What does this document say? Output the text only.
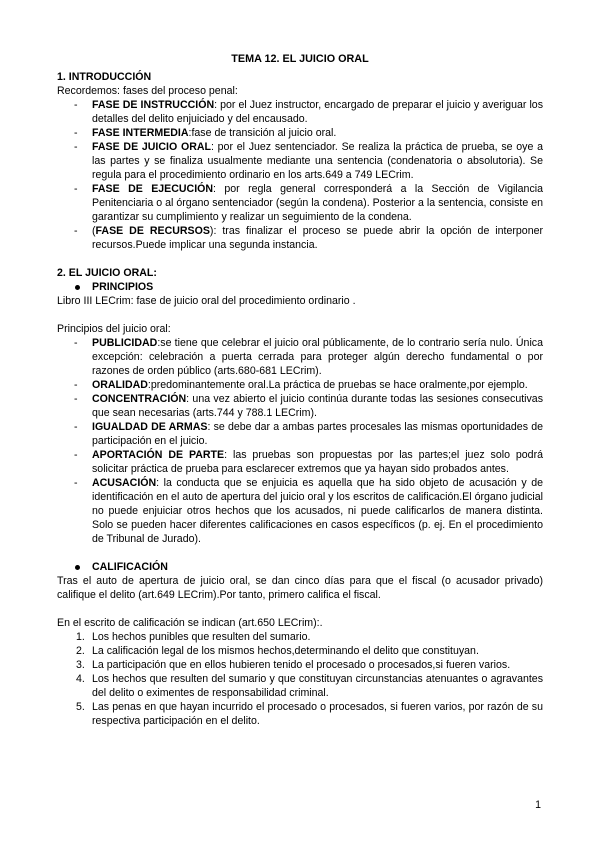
TEMA 12. EL JUICIO ORAL
1. INTRODUCCIÓN

Recordemos: fases del proceso penal:

- FASE DE INSTRUCCIÓN: por el Juez instructor, encargado de preparar el juicio y averiguar los detalles del delito enjuiciado y del encausado.
- FASE INTERMEDIA:fase de transición al juicio oral.
- FASE DE JUICIO ORAL: por el Juez sentenciador. Se realiza la práctica de prueba, se oye a las partes y se finaliza usualmente mediante una sentencia (condenatoria o absolutoria). Se regula para el procedimiento ordinario en los arts.649 a 749 LECrim.
- FASE DE EJECUCIÓN: por regla general corresponderá a la Sección de Vigilancia Penitenciaria o al órgano sentenciador (según la condena). Posterior a la sentencia, consiste en garantizar su cumplimiento y realizar un seguimiento de la condena.
- (FASE DE RECURSOS): tras finalizar el proceso se puede abrir la opción de interponer recursos.Puede implicar una segunda instancia.
2. EL JUICIO ORAL:
PRINCIPIOS

Libro III LECrim: fase de juicio oral del procedimiento ordinario .

Principios del juicio oral:

- PUBLICIDAD:se tiene que celebrar el juicio oral públicamente, de lo contrario sería nulo. Única excepción: celebración a puerta cerrada para proteger algún derecho fundamental o por razones de orden público (arts.680-681 LECrim).
- ORALIDAD:predominantemente oral.La práctica de pruebas se hace oralmente,por ejemplo.
- CONCENTRACIÓN: una vez abierto el juicio continúa durante todas las sesiones consecutivas que sean necesarias (arts.744 y 788.1 LECrim).
- IGUALDAD DE ARMAS: se debe dar a ambas partes procesales las mismas oportunidades de participación en el juicio.
- APORTACIÓN DE PARTE: las pruebas son propuestas por las partes;el juez solo podrá solicitar práctica de prueba para esclarecer extremos que ya hayan sido probados antes.
- ACUSACIÓN: la conducta que se enjuicia es aquella que ha sido objeto de acusación y de identificación en el auto de apertura del juicio oral y los escritos de calificación.El órgano judicial no puede enjuiciar otros hechos que los acusados, ni puede calificarlos de manera distinta. Solo se pueden hacer diferentes calificaciones en casos específicos (p. ej. En el procedimiento de Tribunal de Jurado).
CALIFICACIÓN

Tras el auto de apertura de juicio oral, se dan cinco días para que el fiscal (o acusador privado) califique el delito (art.649 LECrim).Por tanto, primero califica el fiscal.

En el escrito de calificación se indican (art.650 LECrim):.

1. Los hechos punibles que resulten del sumario.
2. La calificación legal de los mismos hechos,determinando el delito que constituyan.
3. La participación que en ellos hubieren tenido el procesado o procesados,si fueren varios.
4. Los hechos que resulten del sumario y que constituyan circunstancias atenuantes o agravantes del delito o eximentes de responsabilidad criminal.
5. Las penas en que hayan incurrido el procesado o procesados, si fueren varios, por razón de su respectiva participación en el delito.
1
